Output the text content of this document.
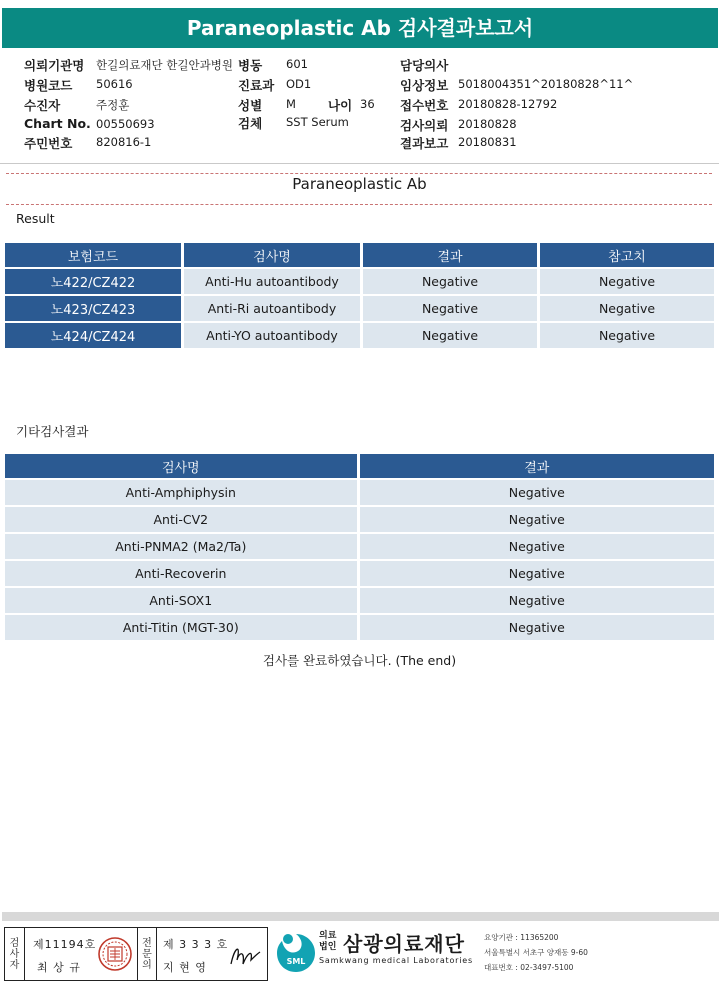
Paraneoplastic Ab 검사결과보고서
의뢰기관명 한길의료재단 한길안과병원 병동 601	담당의사
병원코드 50616	진료과 OD1	임상정보 5018004351^20180828^11^
수진자	주정훈	성별 M	나이 36 접수번호 20180828-12792
Chart No. 00550693	검체 SST Serum	검사의뢰 20180828
주민번호 820816-1	결과보고 20180831
Paraneoplastic Ab
Result
보험코드	검사명	결과	참고치
노422/CZ422	Anti-Hu autoantibody	Negative	Negative
노423/CZ423	Anti-Ri autoantibody	Negative	Negative
노424/CZ424	Anti-YO autoantibody	Negative	Negative
기타검사결과
검사명	결과
Anti-Amphiphysin	Negative
Anti-CV2	Negative
Anti-PNMA2 (Ma2/Ta)	Negative
Anti-Recoverin	Negative
Anti-SOX1	Negative
Anti-Titin (MGT-30)	Negative
검사를 완료하였습니다. (The end)
검사자
제11194호
최 상 규
전문의
제 3 3 3 호
지 현 영	SML
의료
법인 삼광의료재단
Samkwang medical Laboratories
요양기관 : 11365200
서울특별시 서초구 양재동 9-60
대표번호 : 02-3497-5100
